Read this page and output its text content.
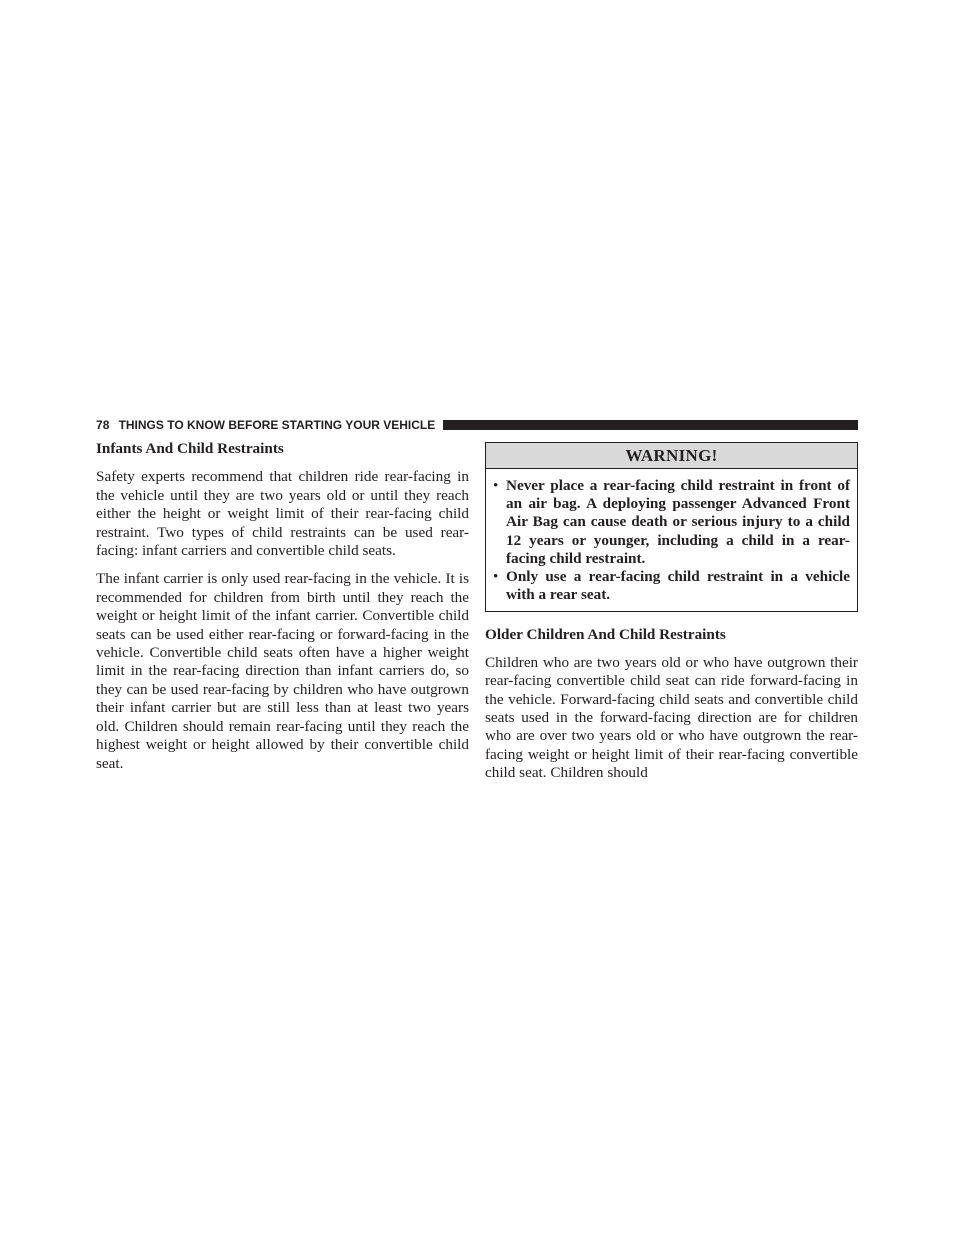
78 THINGS TO KNOW BEFORE STARTING YOUR VEHICLE
Infants And Child Restraints

Safety experts recommend that children ride rear-facing in the vehicle until they are two years old or until they reach either the height or weight limit of their rear-facing child restraint. Two types of child restraints can be used rear-facing: infant carriers and convertible child seats.

The infant carrier is only used rear-facing in the vehicle. It is recommended for children from birth until they reach the weight or height limit of the infant carrier. Convertible child seats can be used either rear-facing or forward-facing in the vehicle. Convertible child seats often have a higher weight limit in the rear-facing direction than infant carriers do, so they can be used rear-facing by children who have outgrown their infant carrier but are still less than at least two years old. Children should remain rear-facing until they reach the highest weight or height allowed by their convertible child seat.

WARNING!
• Never place a rear-facing child restraint in front of an air bag. A deploying passenger Advanced Front Air Bag can cause death or serious injury to a child 12 years or younger, including a child in a rear-facing child restraint.
• Only use a rear-facing child restraint in a vehicle with a rear seat.
Older Children And Child Restraints

Children who are two years old or who have outgrown their rear-facing convertible child seat can ride forward-facing in the vehicle. Forward-facing child seats and convertible child seats used in the forward-facing direction are for children who are over two years old or who have outgrown the rear-facing weight or height limit of their rear-facing convertible child seat. Children should
